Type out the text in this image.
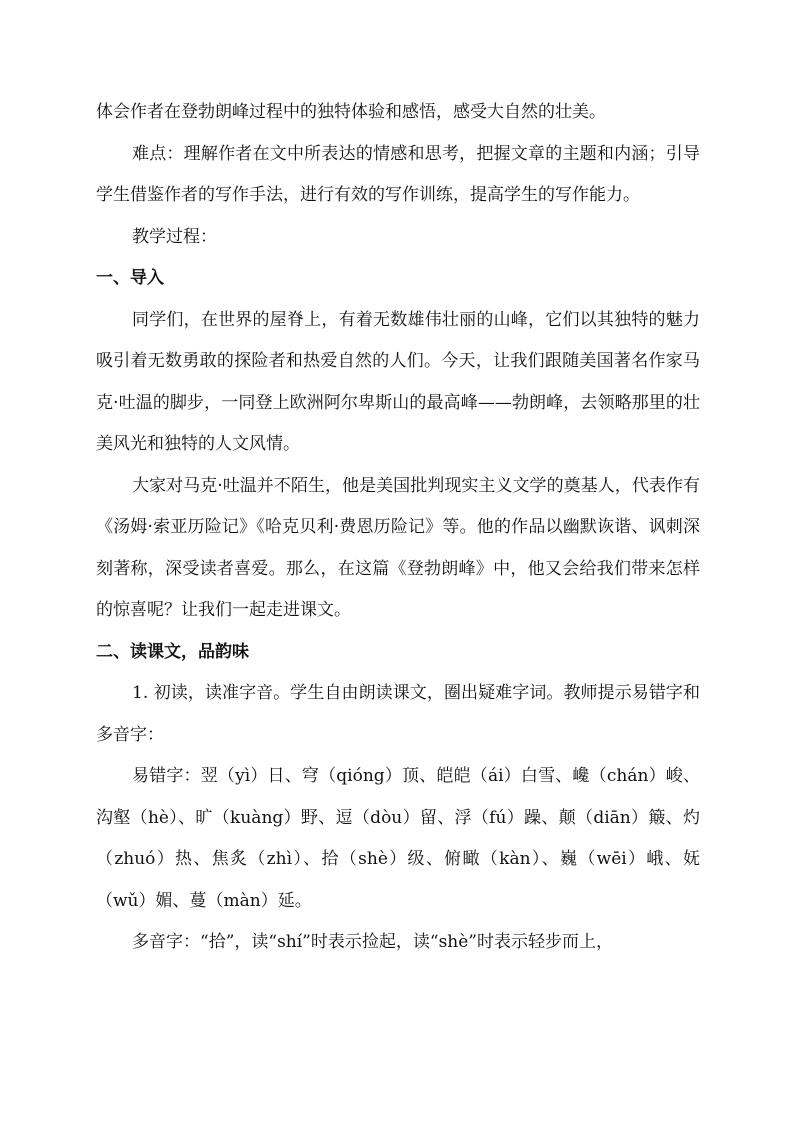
体会作者在登勃朗峰过程中的独特体验和感悟，感受大自然的壮美。

难点：理解作者在文中所表达的情感和思考，把握文章的主题和内涵；引导学生借鉴作者的写作手法，进行有效的写作训练，提高学生的写作能力。

教学过程：

一、导入

同学们，在世界的屋脊上，有着无数雄伟壮丽的山峰，它们以其独特的魅力吸引着无数勇敢的探险者和热爱自然的人们。今天，让我们跟随美国著名作家马克·吐温的脚步，一同登上欧洲阿尔卑斯山的最高峰——勃朗峰，去领略那里的壮美风光和独特的人文风情。

大家对马克·吐温并不陌生，他是美国批判现实主义文学的奠基人，代表作有《汤姆·索亚历险记》《哈克贝利·费恩历险记》等。他的作品以幽默诙谐、讽刺深刻著称，深受读者喜爱。那么，在这篇《登勃朗峰》中，他又会给我们带来怎样的惊喜呢？让我们一起走进课文。

二、读课文，品韵味

1. 初读，读准字音。学生自由朗读课文，圈出疑难字词。教师提示易错字和多音字：

易错字：翌（yì）日、穹（qióng）顶、皑皑（ái）白雪、巉（chán）峻、沟壑（hè）、旷（kuàng）野、逗（dòu）留、浮（fú）躁、颠（diān）簸、灼（zhuó）热、焦炙（zhì）、拾（shè）级、俯瞰（kàn）、巍（wēi）峨、妩（wǔ）媚、蔓（màn）延。

多音字：“拾”，读“shí”时表示捡起，读“shè”时表示轻步而上，
